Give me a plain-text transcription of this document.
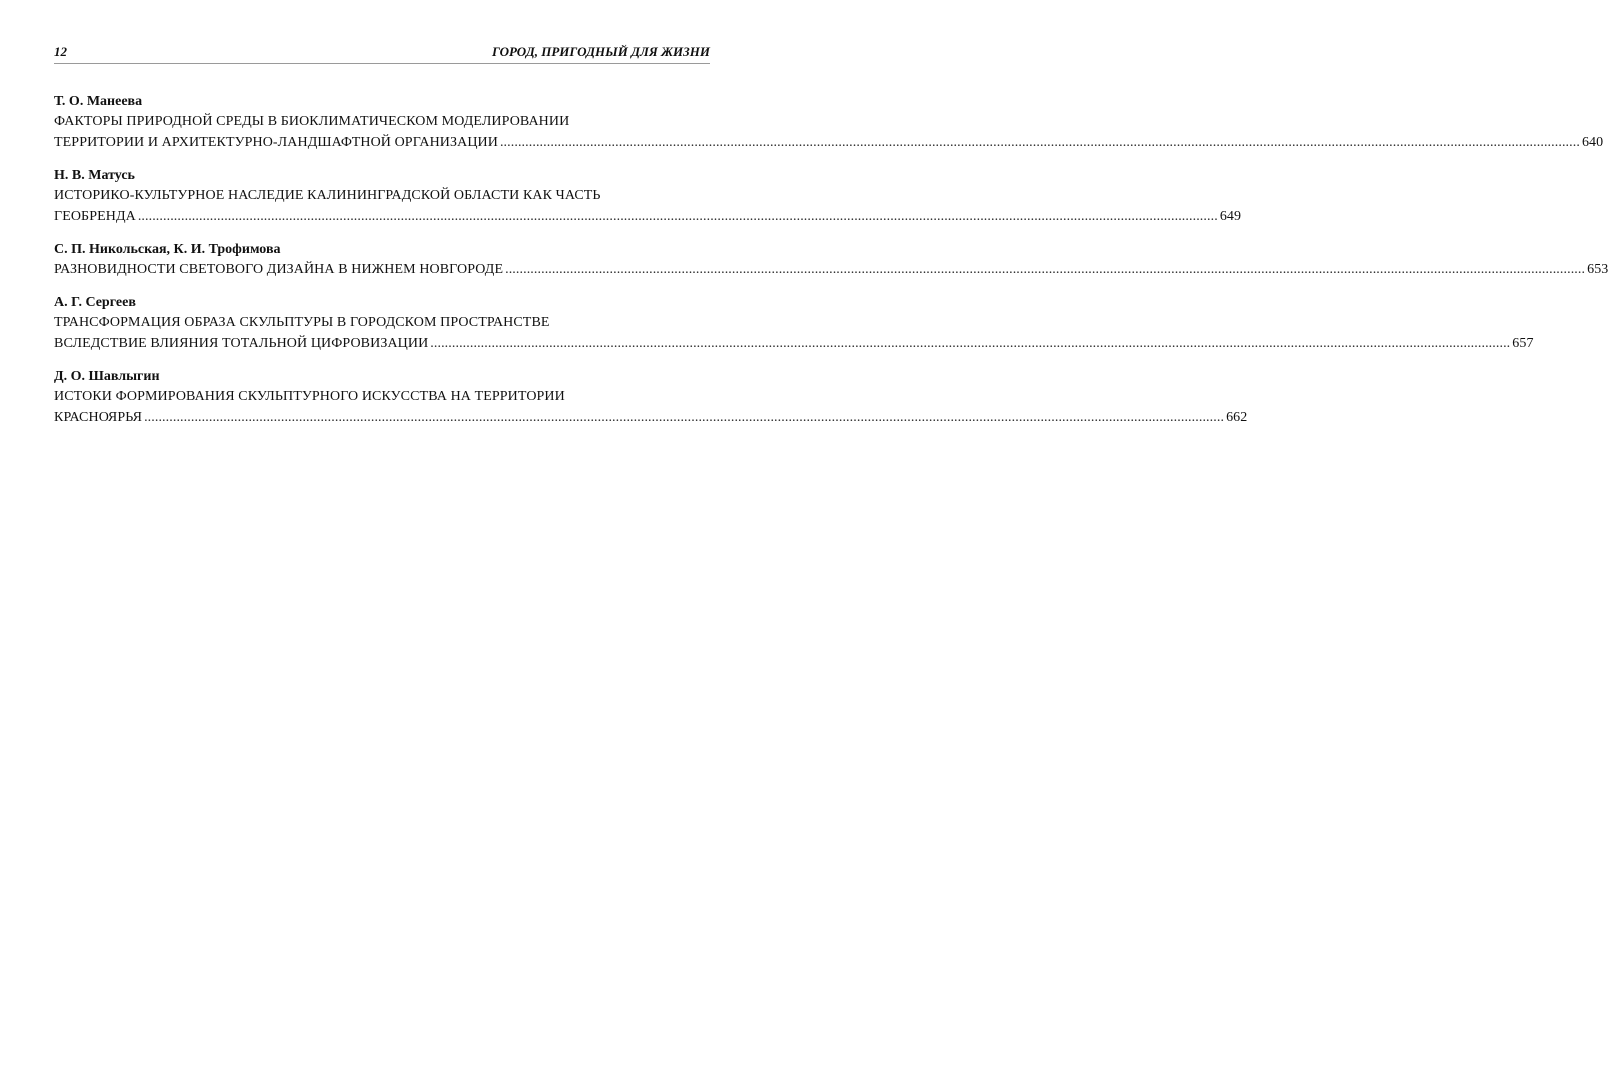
12	ГОРОД, ПРИГОДНЫЙ ДЛЯ ЖИЗНИ
Т. О. Манеева
ФАКТОРЫ ПРИРОДНОЙ СРЕДЫ В БИОКЛИМАТИЧЕСКОМ МОДЕЛИРОВАНИИ
ТЕРРИТОРИИ И АРХИТЕКТУРНО-ЛАНДШАФТНОЙ ОРГАНИЗАЦИИ ............................................................................................................................................................................................................................................................................................................ 640
Н. В. Матусь
ИСТОРИКО-КУЛЬТУРНОЕ НАСЛЕДИЕ КАЛИНИНГРАДСКОЙ ОБЛАСТИ КАК ЧАСТЬ
ГЕОБРЕНДА ............................................................................................................................................................................................................................................................................................................ 649
С. П. Никольская, К. И. Трофимова
РАЗНОВИДНОСТИ СВЕТОВОГО ДИЗАЙНА В НИЖНЕМ НОВГОРОДЕ ............................................................................................................................................................................................................................................................................................................ 653
А. Г. Сергеев
ТРАНСФОРМАЦИЯ ОБРАЗА СКУЛЬПТУРЫ В ГОРОДСКОМ ПРОСТРАНСТВЕ
ВСЛЕДСТВИЕ ВЛИЯНИЯ ТОТАЛЬНОЙ ЦИФРОВИЗАЦИИ ............................................................................................................................................................................................................................................................................................................ 657
Д. О. Шавлыгин
ИСТОКИ ФОРМИРОВАНИЯ СКУЛЬПТУРНОГО ИСКУССТВА НА ТЕРРИТОРИИ
КРАСНОЯРЬЯ ............................................................................................................................................................................................................................................................................................................ 662
